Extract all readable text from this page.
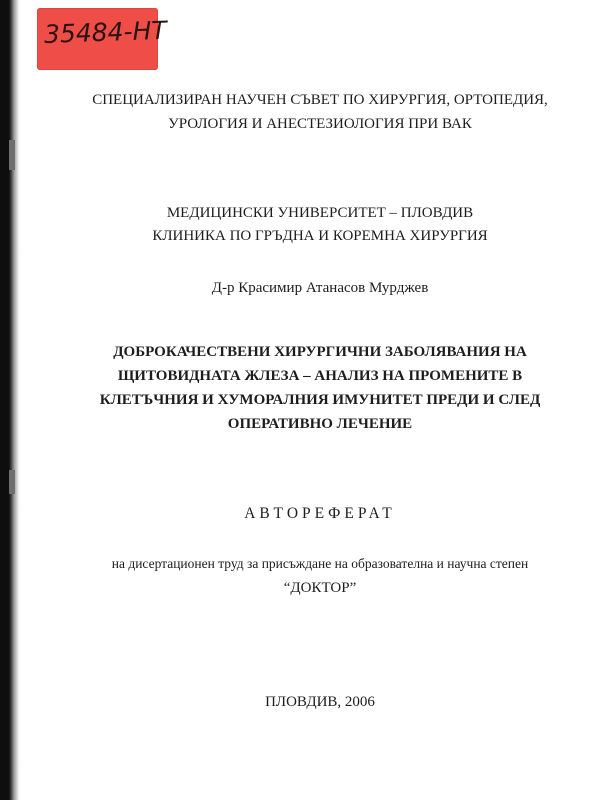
35484-НТ
СПЕЦИАЛИЗИРАН НАУЧЕН СЪВЕТ ПО ХИРУРГИЯ, ОРТОПЕДИЯ,
УРОЛОГИЯ И АНЕСТЕЗИОЛОГИЯ ПРИ ВАК
МЕДИЦИНСКИ УНИВЕРСИТЕТ – ПЛОВДИВ
КЛИНИКА ПО ГРЪДНА И КОРЕМНА ХИРУРГИЯ
Д-р Красимир Атанасов Мурджев
ДОБРОКАЧЕСТВЕНИ ХИРУРГИЧНИ ЗАБОЛЯВАНИЯ НА
ЩИТОВИДНАТА ЖЛЕЗА – АНАЛИЗ НА ПРОМЕНИТЕ В
КЛЕТЪЧНИЯ И ХУМОРАЛНИЯ ИМУНИТЕТ ПРЕДИ И СЛЕД
ОПЕРАТИВНО ЛЕЧЕНИЕ
АВТОРЕФЕРАТ
на дисертационен труд за присъждане на образователна и научна степен
“ДОКТОР”
ПЛОВДИВ, 2006
